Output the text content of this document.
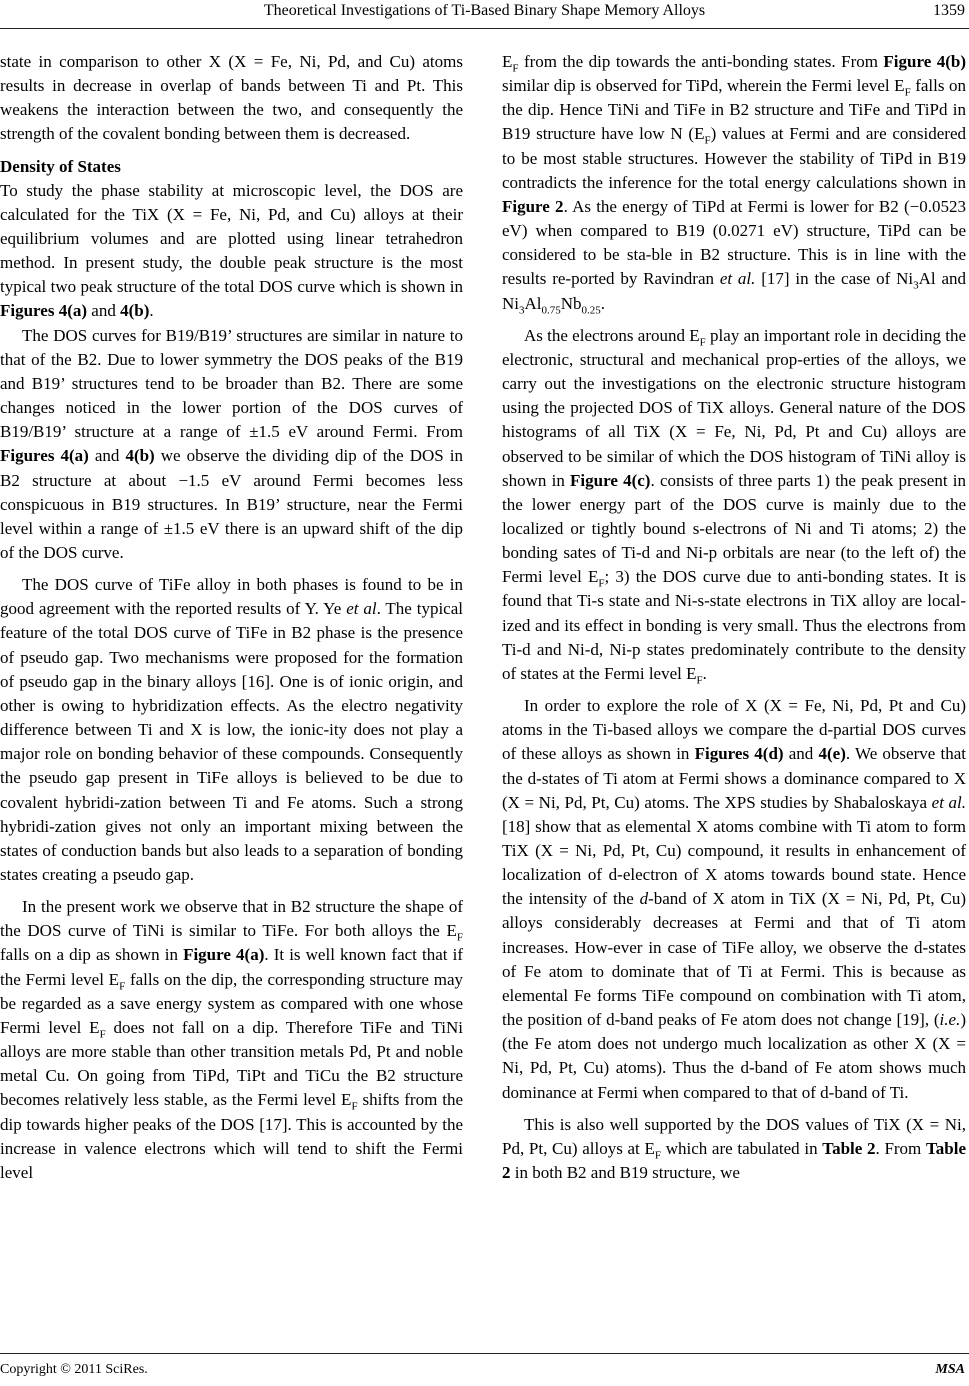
Theoretical Investigations of Ti-Based Binary Shape Memory Alloys	1359

state in comparison to other X (X = Fe, Ni, Pd, and Cu) atoms results in decrease in overlap of bands between Ti and Pt. This weakens the interaction between the two, and consequently the strength of the covalent bonding between them is decreased.

Density of States

To study the phase stability at microscopic level, the DOS are calculated for the TiX (X = Fe, Ni, Pd, and Cu) alloys at their equilibrium volumes and are plotted using linear tetrahedron method. In present study, the double peak structure is the most typical two peak structure of the total DOS curve which is shown in Figures 4(a) and 4(b).

The DOS curves for B19/B19’ structures are similar in nature to that of the B2. Due to lower symmetry the DOS peaks of the B19 and B19’ structures tend to be broader than B2. There are some changes noticed in the lower portion of the DOS curves of B19/B19’ structure at a range of ±1.5 eV around Fermi. From Figures 4(a) and 4(b) we observe the dividing dip of the DOS in B2 structure at about −1.5 eV around Fermi becomes less conspicuous in B19 structures. In B19’ structure, near the Fermi level within a range of ±1.5 eV there is an upward shift of the dip of the DOS curve.

The DOS curve of TiFe alloy in both phases is found to be in good agreement with the reported results of Y. Ye et al. The typical feature of the total DOS curve of TiFe in B2 phase is the presence of pseudo gap. Two mechanisms were proposed for the formation of pseudo gap in the binary alloys [16]. One is of ionic origin, and other is owing to hybridization effects. As the electro negativity difference between Ti and X is low, the ionic-ity does not play a major role on bonding behavior of these compounds. Consequently the pseudo gap present in TiFe alloys is believed to be due to covalent hybridi-zation between Ti and Fe atoms. Such a strong hybridi-zation gives not only an important mixing between the states of conduction bands but also leads to a separation of bonding states creating a pseudo gap.

In the present work we observe that in B2 structure the shape of the DOS curve of TiNi is similar to TiFe. For both alloys the $E_F$ falls on a dip as shown in Figure 4(a). It is well known fact that if the Fermi level $E_F$ falls on the dip, the corresponding structure may be regarded as a save energy system as compared with one whose Fermi level $E_F$ does not fall on a dip. Therefore TiFe and TiNi alloys are more stable than other transition metals Pd, Pt and noble metal Cu. On going from TiPd, TiPt and TiCu the B2 structure becomes relatively less stable, as the Fermi level $E_F$ shifts from the dip towards higher peaks of the DOS [17]. This is accounted by the increase in valence electrons which will tend to shift the Fermi level

$E_F$ from the dip towards the anti-bonding states. From Figure 4(b) similar dip is observed for TiPd, wherein the Fermi level $E_F$ falls on the dip. Hence TiNi and TiFe in B2 structure and TiFe and TiPd in B19 structure have low N $(E_F)$ values at Fermi and are considered to be most stable structures. However the stability of TiPd in B19 contradicts the inference for the total energy calculations shown in Figure 2. As the energy of TiPd at Fermi is lower for B2 (−0.0523 eV) when compared to B19 (0.0271 eV) structure, TiPd can be considered to be sta-ble in B2 structure. This is in line with the results re-ported by Ravindran et al. [17] in the case of $Ni_3Al$ and $Ni_3Al_{0.75}Nb_{0.25}$.

As the electrons around $E_F$ play an important role in deciding the electronic, structural and mechanical prop-erties of the alloys, we carry out the investigations on the electronic structure histogram using the projected DOS of TiX alloys. General nature of the DOS histograms of all TiX (X = Fe, Ni, Pd, Pt and Cu) alloys are observed to be similar of which the DOS histogram of TiNi alloy is shown in Figure 4(c). consists of three parts 1) the peak present in the lower energy part of the DOS curve is mainly due to the localized or tightly bound s-electrons of Ni and Ti atoms; 2) the bonding sates of Ti-d and Ni-p orbitals are near (to the left of) the Fermi level $E_F$; 3) the DOS curve due to anti-bonding states. It is found that Ti-s state and Ni-s-state electrons in TiX alloy are local-ized and its effect in bonding is very small. Thus the electrons from Ti-d and Ni-d, Ni-p states predominately contribute to the density of states at the Fermi level $E_F$.

In order to explore the role of X (X = Fe, Ni, Pd, Pt and Cu) atoms in the Ti-based alloys we compare the d-partial DOS curves of these alloys as shown in Figures 4(d) and 4(e). We observe that the d-states of Ti atom at Fermi shows a dominance compared to X (X = Ni, Pd, Pt, Cu) atoms. The XPS studies by Shabaloskaya et al. [18] show that as elemental X atoms combine with Ti atom to form TiX (X = Ni, Pd, Pt, Cu) compound, it results in enhancement of localization of d-electron of X atoms towards bound state. Hence the intensity of the d-band of X atom in TiX (X = Ni, Pd, Pt, Cu) alloys considerably decreases at Fermi and that of Ti atom increases. How-ever in case of TiFe alloy, we observe the d-states of Fe atom to dominate that of Ti at Fermi. This is because as elemental Fe forms TiFe compound on combination with Ti atom, the position of d-band peaks of Fe atom does not change [19], (i.e.) (the Fe atom does not undergo much localization as other X (X = Ni, Pd, Pt, Cu) atoms). Thus the d-band of Fe atom shows much dominance at Fermi when compared to that of d-band of Ti.

This is also well supported by the DOS values of TiX (X = Ni, Pd, Pt, Cu) alloys at $E_F$ which are tabulated in Table 2. From Table 2 in both B2 and B19 structure, we

Copyright © 2011 SciRes.	MSA
